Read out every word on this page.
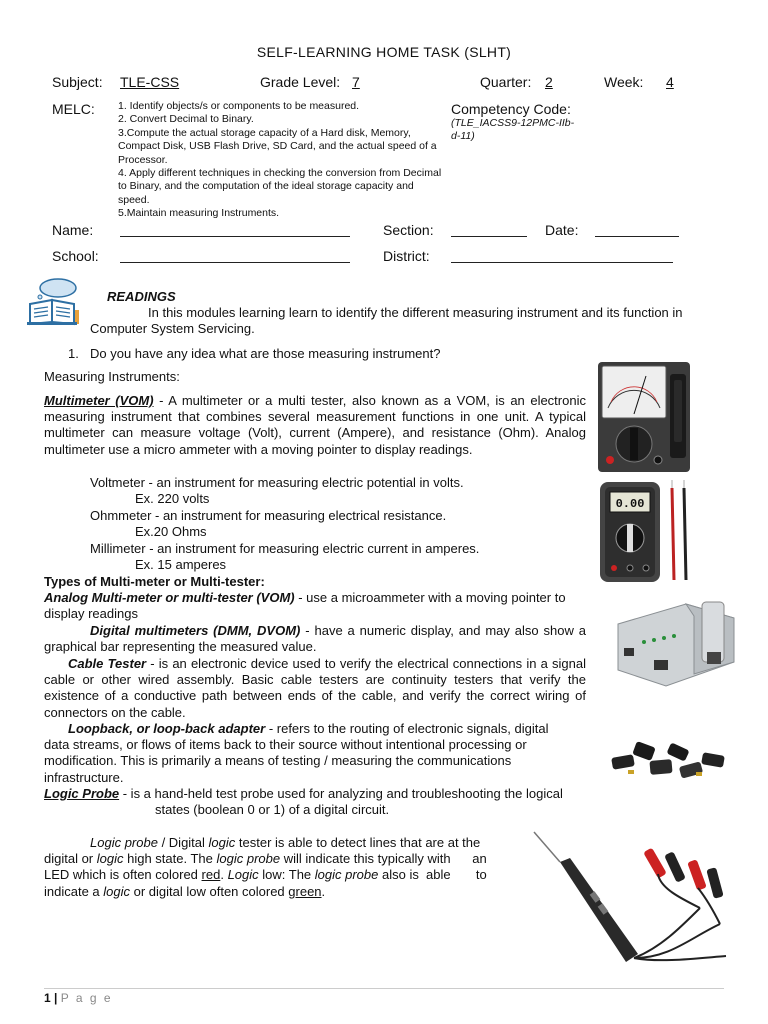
SELF-LEARNING HOME TASK (SLHT)
Subject: TLE-CSS	Grade Level: 7	Quarter: 2	Week: 4
MELC: 1. Identify objects/s or components to be measured.
2. Convert Decimal to Binary.
3.Compute the actual storage capacity of a Hard disk, Memory, Compact Disk, USB Flash Drive, SD Card, and the actual speed of a Processor.
4. Apply different techniques in checking the conversion from Decimal to Binary, and the computation of the ideal storage capacity and speed.
5.Maintain measuring Instruments.
Competency Code:
(TLE_IACSS9-12PMC-IIb-d-11)
Name:	Section:	Date:
School:	District:
READINGS
In this modules learning learn to identify the different measuring instrument and its function in Computer System Servicing.
1. Do you have any idea what are those measuring instrument?
Measuring Instruments:
Multimeter (VOM) - A multimeter or a multi tester, also known as a VOM, is an electronic measuring instrument that combines several measurement functions in one unit. A typical multimeter can measure voltage (Volt), current (Ampere), and resistance (Ohm). Analog multimeter use a micro ammeter with a moving pointer to display readings.
Voltmeter - an instrument for measuring electric potential in volts.
Ex. 220 volts
Ohmmeter - an instrument for measuring electrical resistance.
Ex.20 Ohms
Millimeter - an instrument for measuring electric current in amperes.
Ex. 15 amperes
Types of Multi-meter or Multi-tester:
Analog Multi-meter or multi-tester (VOM) - use a microammeter with a moving pointer to display readings
Digital multimeters (DMM, DVOM) - have a numeric display, and may also show a graphical bar representing the measured value.
Cable Tester - is an electronic device used to verify the electrical connections in a signal cable or other wired assembly. Basic cable testers are continuity testers that verify the existence of a conductive path between ends of the cable, and verify the correct wiring of connectors on the cable.
Loopback, or loop-back adapter - refers to the routing of electronic signals, digital data streams, or flows of items back to their source without intentional processing or modification. This is primarily a means of testing / measuring the communications infrastructure.
Logic Probe - is a hand-held test probe used for analyzing and troubleshooting the logical
states (boolean 0 or 1) of a digital circuit.
Logic probe / Digital logic tester is able to detect lines that are at the digital or logic high state. The logic probe will indicate this typically with      an LED which is often colored red. Logic low: The logic probe also is  able       to indicate a logic or digital low often colored green.
0.00
1 | P a g e
